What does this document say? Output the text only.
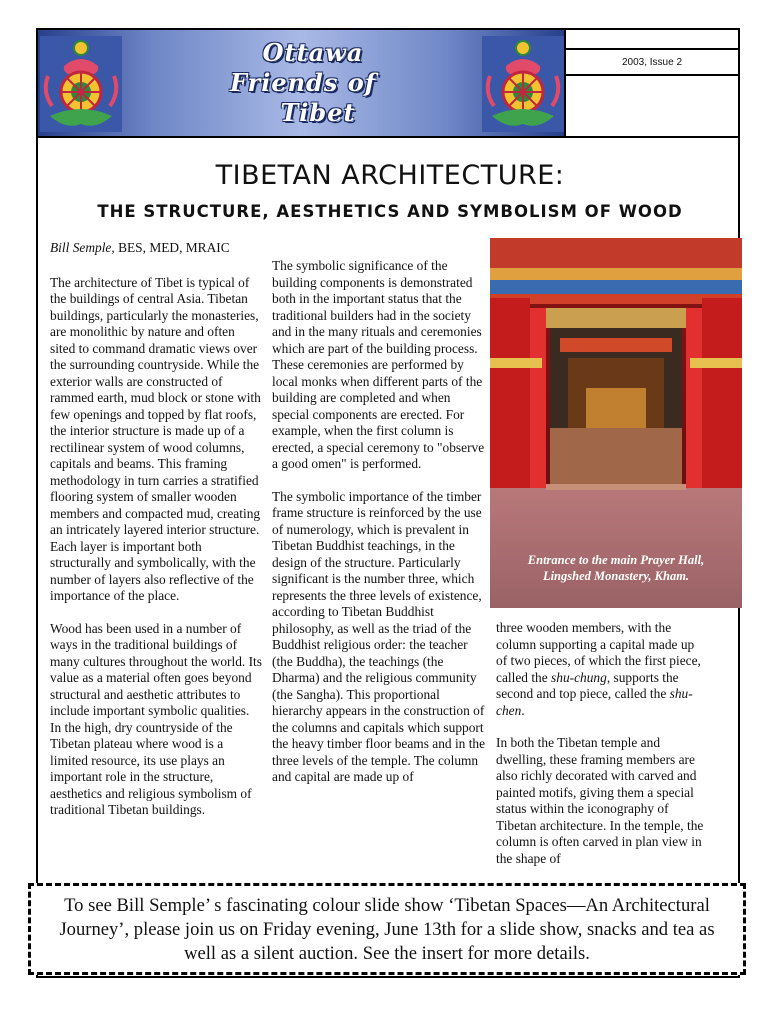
Ottawa
Friends of
Tibet
2003, Issue 2
TIBETAN ARCHITECTURE:
THE STRUCTURE, AESTHETICS AND SYMBOLISM OF WOOD

Bill Semple, BES, MED, MRAIC

The architecture of Tibet is typical of the buildings of central Asia. Tibetan buildings, particularly the monasteries, are monolithic by nature and often sited to command dramatic views over the surrounding countryside. While the exterior walls are constructed of rammed earth, mud block or stone with few openings and topped by flat roofs, the interior structure is made up of a rectilinear system of wood columns, capitals and beams. This framing methodology in turn carries a stratified flooring system of smaller wooden members and compacted mud, creating an intricately layered interior structure. Each layer is important both structurally and symbolically, with the number of layers also reflective of the importance of the place.

Wood has been used in a number of ways in the traditional buildings of many cultures throughout the world. Its value as a material often goes beyond structural and aesthetic attributes to include important symbolic qualities. In the high, dry countryside of the Tibetan plateau where wood is a limited resource, its use plays an important role in the structure, aesthetics and religious symbolism of traditional Tibetan buildings.

The symbolic significance of the building components is demonstrated both in the important status that the traditional builders had in the society and in the many rituals and ceremonies which are part of the building process. These ceremonies are performed by local monks when different parts of the building are completed and when special components are erected. For example, when the first column is erected, a special ceremony to "observe a good omen" is performed.

The symbolic importance of the timber frame structure is reinforced by the use of numerology, which is prevalent in Tibetan Buddhist teachings, in the design of the structure. Particularly significant is the number three, which represents the three levels of existence, according to Tibetan Buddhist philosophy, as well as the triad of the Buddhist religious order: the teacher (the Buddha), the teachings (the Dharma) and the religious community (the Sangha). This proportional hierarchy appears in the construction of the columns and capitals which support the heavy timber floor beams and in the three levels of the temple. The column and capital are made up of

Entrance to the main Prayer Hall,
Lingshed Monastery, Kham.

three wooden members, with the column supporting a capital made up of two pieces, of which the first piece, called the shu-chung, supports the second and top piece, called the shu-chen.

In both the Tibetan temple and dwelling, these framing members are also richly decorated with carved and painted motifs, giving them a special status within the iconography of Tibetan architecture. In the temple, the column is often carved in plan view in the shape of

To see Bill Semple’ s fascinating colour slide show ‘Tibetan Spaces—An Architectural Journey’, please join us on Friday evening, June 13th for a slide show, snacks and tea as well as a silent auction. See the insert for more details.
